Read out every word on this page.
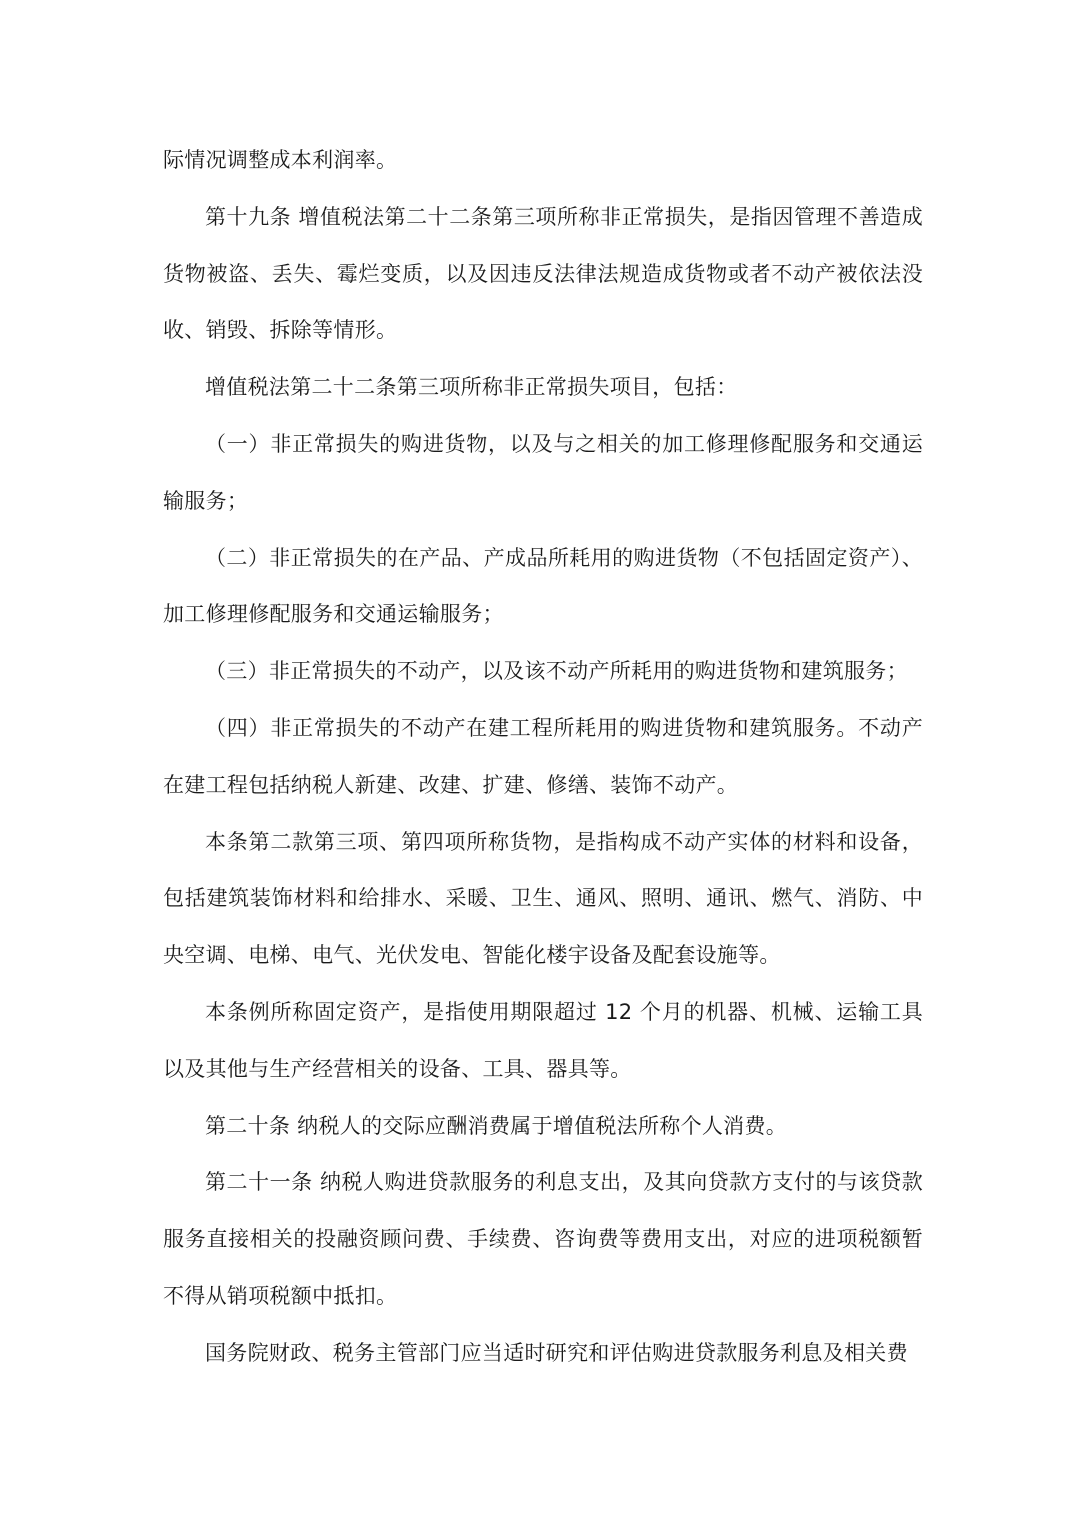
际情况调整成本利润率。

第十九条 增值税法第二十二条第三项所称非正常损失，是指因管理不善造成货物被盗、丢失、霉烂变质，以及因违反法律法规造成货物或者不动产被依法没收、销毁、拆除等情形。

增值税法第二十二条第三项所称非正常损失项目，包括：

（一）非正常损失的购进货物，以及与之相关的加工修理修配服务和交通运输服务；

（二）非正常损失的在产品、产成品所耗用的购进货物（不包括固定资产）、加工修理修配服务和交通运输服务；

（三）非正常损失的不动产，以及该不动产所耗用的购进货物和建筑服务；

（四）非正常损失的不动产在建工程所耗用的购进货物和建筑服务。不动产在建工程包括纳税人新建、改建、扩建、修缮、装饰不动产。

本条第二款第三项、第四项所称货物，是指构成不动产实体的材料和设备，包括建筑装饰材料和给排水、采暖、卫生、通风、照明、通讯、燃气、消防、中央空调、电梯、电气、光伏发电、智能化楼宇设备及配套设施等。

本条例所称固定资产，是指使用期限超过 12 个月的机器、机械、运输工具以及其他与生产经营相关的设备、工具、器具等。

第二十条 纳税人的交际应酬消费属于增值税法所称个人消费。

第二十一条 纳税人购进贷款服务的利息支出，及其向贷款方支付的与该贷款服务直接相关的投融资顾问费、手续费、咨询费等费用支出，对应的进项税额暂不得从销项税额中抵扣。

国务院财政、税务主管部门应当适时研究和评估购进贷款服务利息及相关费
